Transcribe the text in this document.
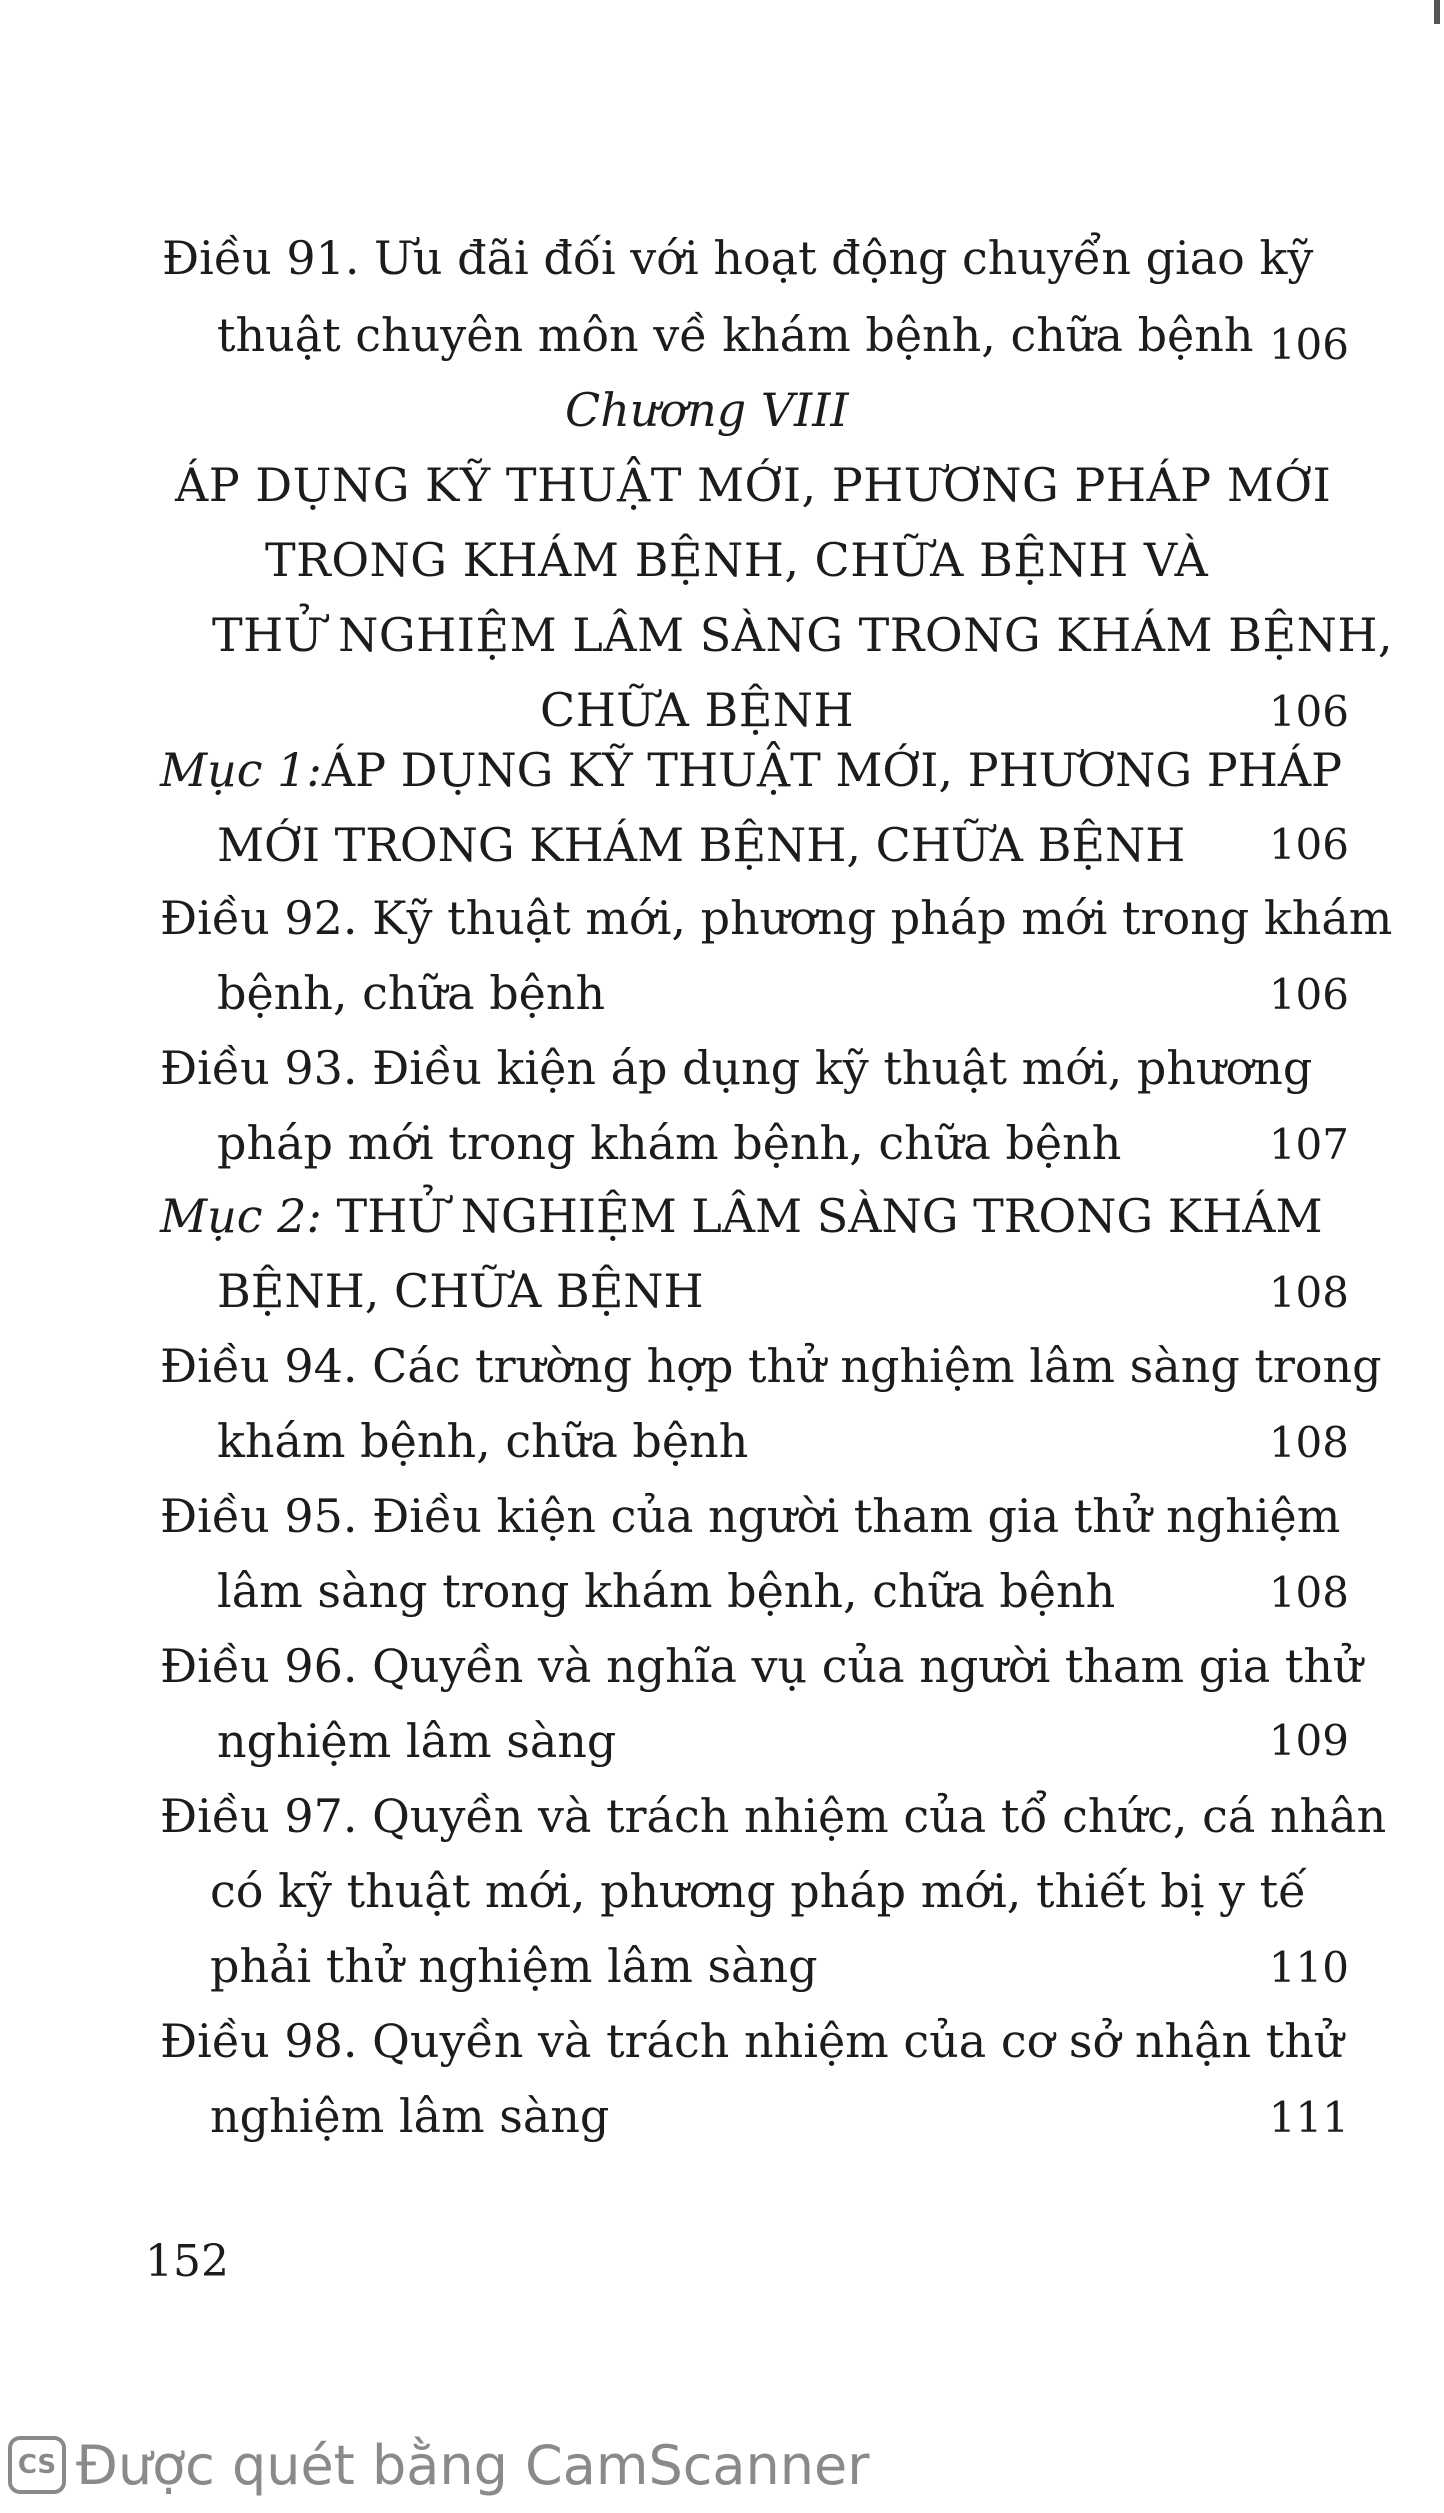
Điều 91. Ưu đãi đối với hoạt động chuyển giao kỹ
thuật chuyên môn về khám bệnh, chữa bệnh 106
Chương VIII
ÁP DỤNG KỸ THUẬT MỚI, PHƯƠNG PHÁP MỚI
TRONG KHÁM BỆNH, CHỮA BỆNH VÀ
THỬ NGHIỆM LÂM SÀNG TRONG KHÁM BỆNH,
CHỮA BỆNH	106
Mục 1:ÁP DỤNG KỸ THUẬT MỚI, PHƯƠNG PHÁP
MỚI TRONG KHÁM BỆNH, CHỮA BỆNH 106
Điều 92. Kỹ thuật mới, phương pháp mới trong khám
bệnh, chữa bệnh	106
Điều 93. Điều kiện áp dụng kỹ thuật mới, phương
pháp mới trong khám bệnh, chữa bệnh	107
Mục 2: THỬ NGHIỆM LÂM SÀNG TRONG KHÁM
BỆNH, CHỮA BỆNH	108
Điều 94. Các trường hợp thử nghiệm lâm sàng trong
khám bệnh, chữa bệnh	108
Điều 95. Điều kiện của người tham gia thử nghiệm
lâm sàng trong khám bệnh, chữa bệnh	108
Điều 96. Quyền và nghĩa vụ của người tham gia thử
nghiệm lâm sàng	109
Điều 97. Quyền và trách nhiệm của tổ chức, cá nhân
có kỹ thuật mới, phương pháp mới, thiết bị y tế
phải thử nghiệm lâm sàng	110
Điều 98. Quyền và trách nhiệm của cơ sở nhận thử
nghiệm lâm sàng	111
152
CS Được quét bằng CamScanner
